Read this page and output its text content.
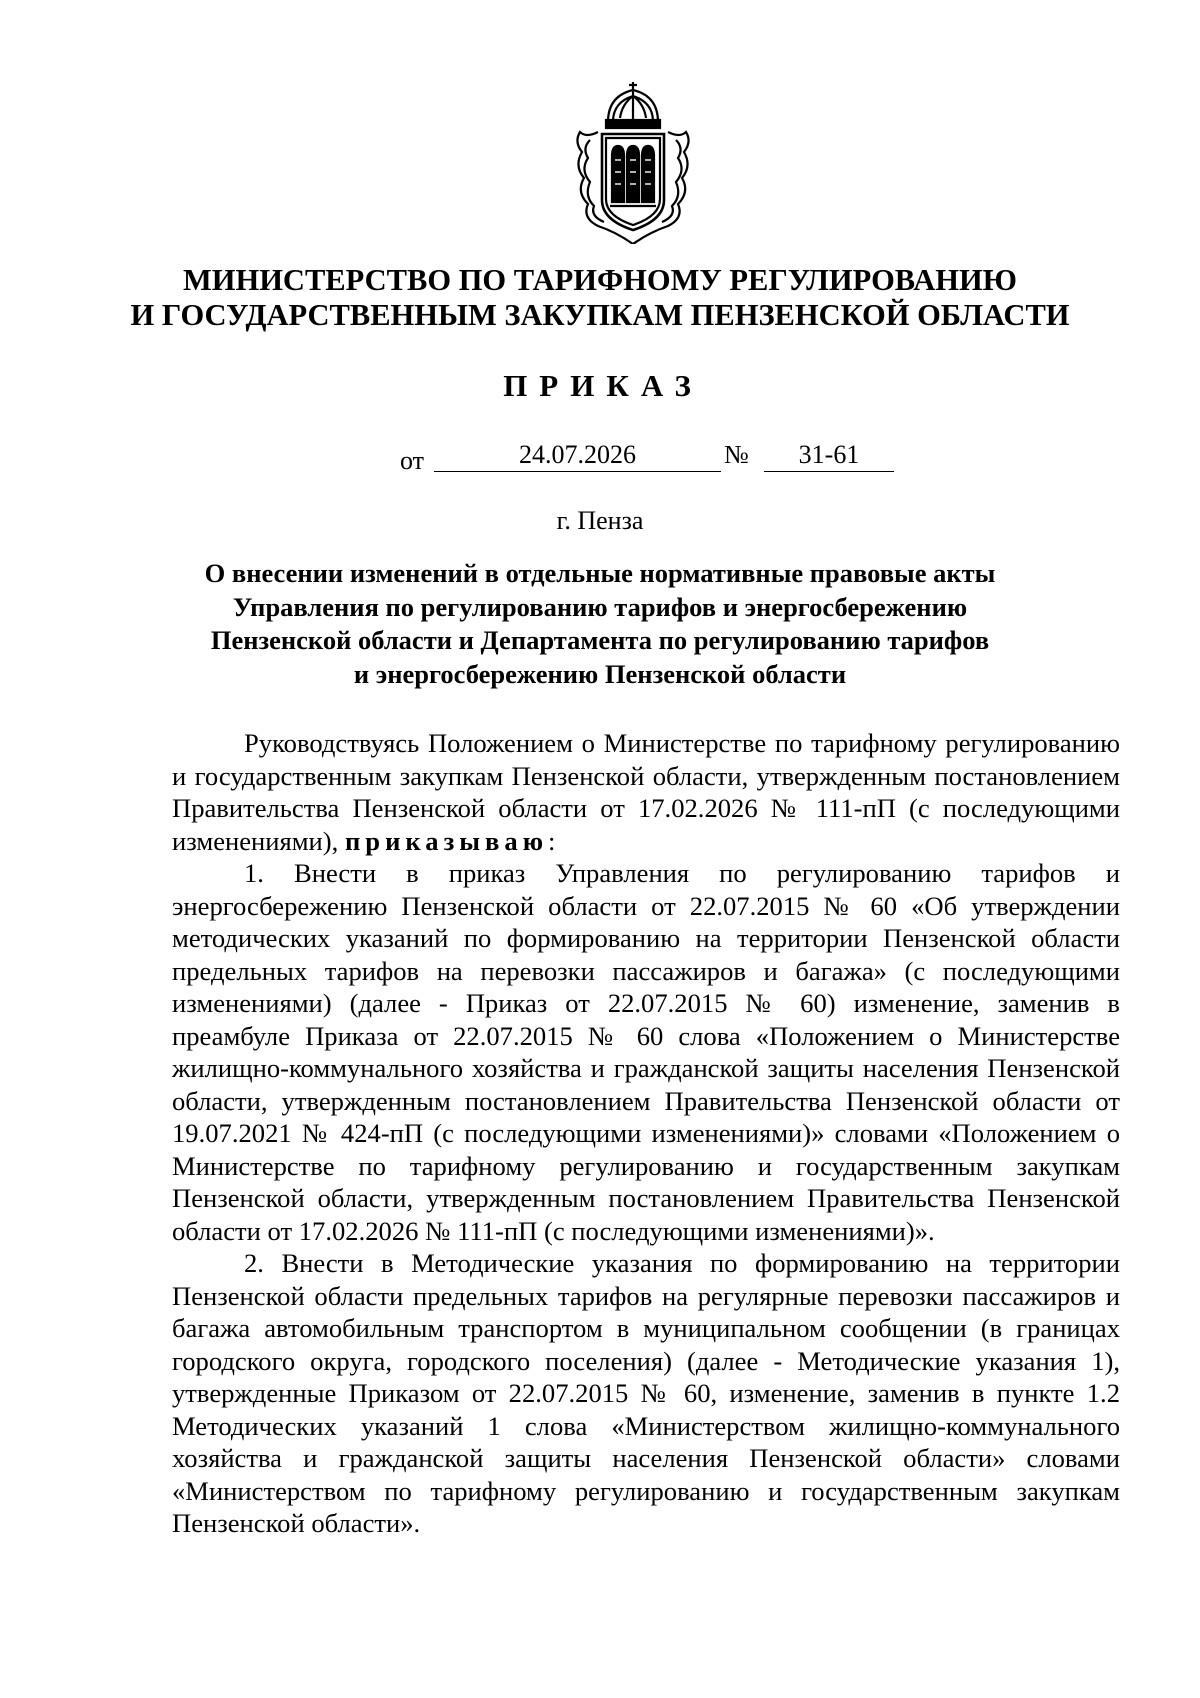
МИНИСТЕРСТВО ПО ТАРИФНОМУ РЕГУЛИРОВАНИЮ
И ГОСУДАРСТВЕННЫМ ЗАКУПКАМ ПЕНЗЕНСКОЙ ОБЛАСТИ
ПРИКАЗ
от	24.07.2026	№	31-61
г. Пенза
О внесении изменений в отдельные нормативные правовые акты
Управления по регулированию тарифов и энергосбережению
Пензенской области и Департамента по регулированию тарифов
и энергосбережению Пензенской области

Руководствуясь Положением о Министерстве по тарифному регулированию и государственным закупкам Пензенской области, утвержденным постановлением Правительства Пензенской области от 17.02.2026 № 111-пП (с последующими изменениями), приказываю:

1. Внести в приказ Управления по регулированию тарифов и энергосбережению Пензенской области от 22.07.2015 № 60 «Об утверждении методических указаний по формированию на территории Пензенской области предельных тарифов на перевозки пассажиров и багажа» (с последующими изменениями) (далее - Приказ от 22.07.2015 № 60) изменение, заменив в преамбуле Приказа от 22.07.2015 № 60 слова «Положением о Министерстве жилищно-коммунального хозяйства и гражданской защиты населения Пензенской области, утвержденным постановлением Правительства Пензенской области от 19.07.2021 № 424-пП (с последующими изменениями)» словами «Положением о Министерстве по тарифному регулированию и государственным закупкам Пензенской области, утвержденным постановлением Правительства Пензенской области от 17.02.2026 № 111-пП (с последующими изменениями)».

2. Внести в Методические указания по формированию на территории Пензенской области предельных тарифов на регулярные перевозки пассажиров и багажа автомобильным транспортом в муниципальном сообщении (в границах городского округа, городского поселения) (далее - Методические указания 1), утвержденные Приказом от 22.07.2015 № 60, изменение, заменив в пункте 1.2 Методических указаний 1 слова «Министерством жилищно-коммунального хозяйства и гражданской защиты населения Пензенской области» словами «Министерством по тарифному регулированию и государственным закупкам Пензенской области».
